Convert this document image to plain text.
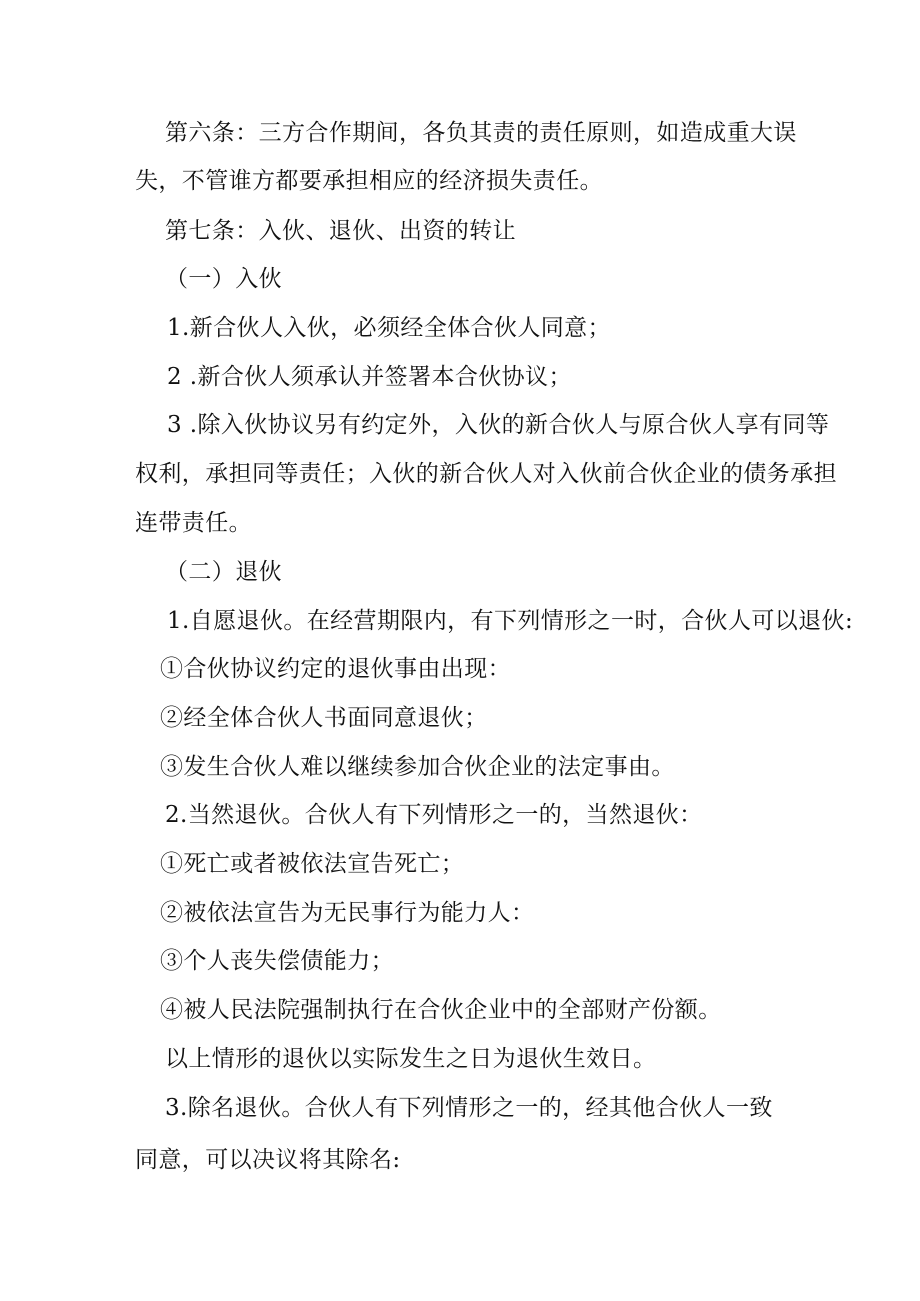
第六条：三方合作期间，各负其责的责任原则，如造成重大误
失，不管谁方都要承担相应的经济损失责任。
第七条：入伙、退伙、出资的转让
（一）入伙
1.新合伙人入伙，必须经全体合伙人同意；
2 .新合伙人须承认并签署本合伙协议；
3 .除入伙协议另有约定外，入伙的新合伙人与原合伙人享有同等
权利，承担同等责任；入伙的新合伙人对入伙前合伙企业的债务承担
连带责任。
（二）退伙
1.自愿退伙。在经营期限内，有下列情形之一时，合伙人可以退伙:
①合伙协议约定的退伙事由出现：
②经全体合伙人书面同意退伙；
③发生合伙人难以继续参加合伙企业的法定事由。
2.当然退伙。合伙人有下列情形之一的，当然退伙：
①死亡或者被依法宣告死亡；
②被依法宣告为无民事行为能力人：
③个人丧失偿债能力；
④被人民法院强制执行在合伙企业中的全部财产份额。
以上情形的退伙以实际发生之日为退伙生效日。
3.除名退伙。合伙人有下列情形之一的，经其他合伙人一致
同意，可以决议将其除名:
